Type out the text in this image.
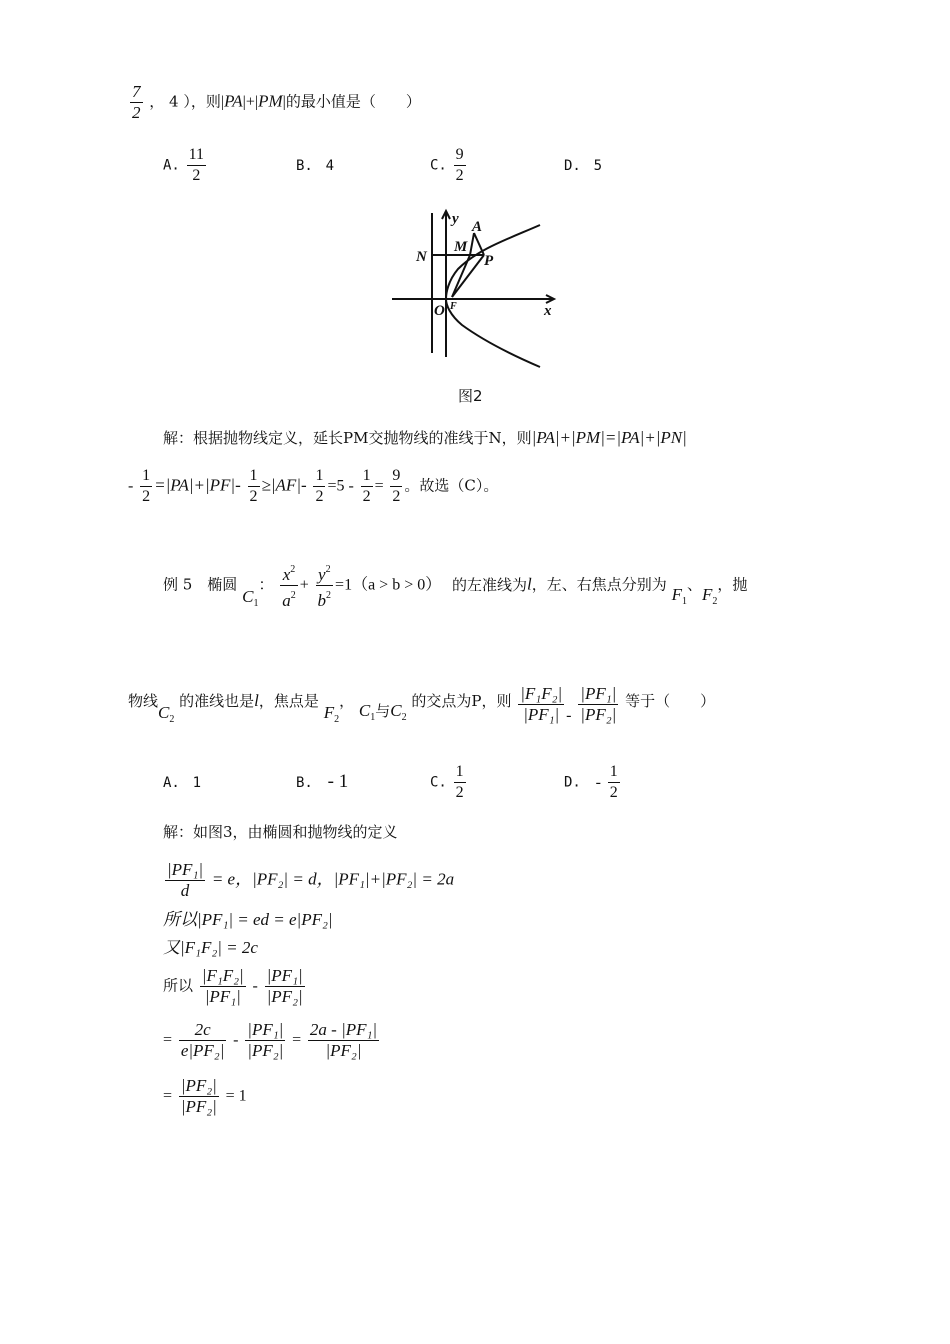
$\frac{7}{2}$ ， 4 ），则|PA|+|PM|的最小值是（　　）
A. $\frac{11}{2}$	B. 4	C. $\frac{9}{2}$	D. 5
y A
M
N	P
O F	x
图2
解：根据抛物线定义，延长PM交抛物线的准线于N，则|PA|+|PM|=|PA|+|PN|
- $\frac{1}{2} =|PA|+|PF|- \frac{1}{2} \ge|AF|- \frac{1}{2} =5 - \frac{1}{2} = \frac{9}{2}$ 。故选（C）。
例 5　椭圆 $C_1$： $\frac{x^2}{a^2} + \frac{y^2}{b^2} =1(a > b > 0)$ 的左准线为l，左、右焦点分别为 $F_1$、$F_2$，抛
物线$C_2$ 的准线也是l，焦点是 $F_2$， $C_1$与$C_2$ 的交点为P，则 $\frac{\text{|F₁F₂|}}{\text{|PF₁|}} - \frac{\text{|PF₁|}}{\text{|PF₂|}}$ 等于（　　）
A. 1	B. - 1	C. $\frac{1}{2}$	D. - $\frac{1}{2}$
解：如图3，由椭圆和抛物线的定义
$\frac{\text{|PF₁|}}{d} = e$，|PF₂| = d，|PF₁|+|PF₂| = 2a
所以|PF₁| = ed = e|PF₂|
又|F₁F₂| = 2c
所以 $\frac{\text{|F₁F₂|}}{\text{|PF₁|}} - \frac{\text{|PF₁|}}{\text{|PF₂|}}$
= $\frac{2c}{\text{e|PF₂|}} - \frac{\text{|PF₁|}}{\text{|PF₂|}} = \frac{\text{2a - |PF₁|}}{\text{|PF₂|}}$
= $\frac{\text{|PF₂|}}{\text{|PF₂|}} = 1$
